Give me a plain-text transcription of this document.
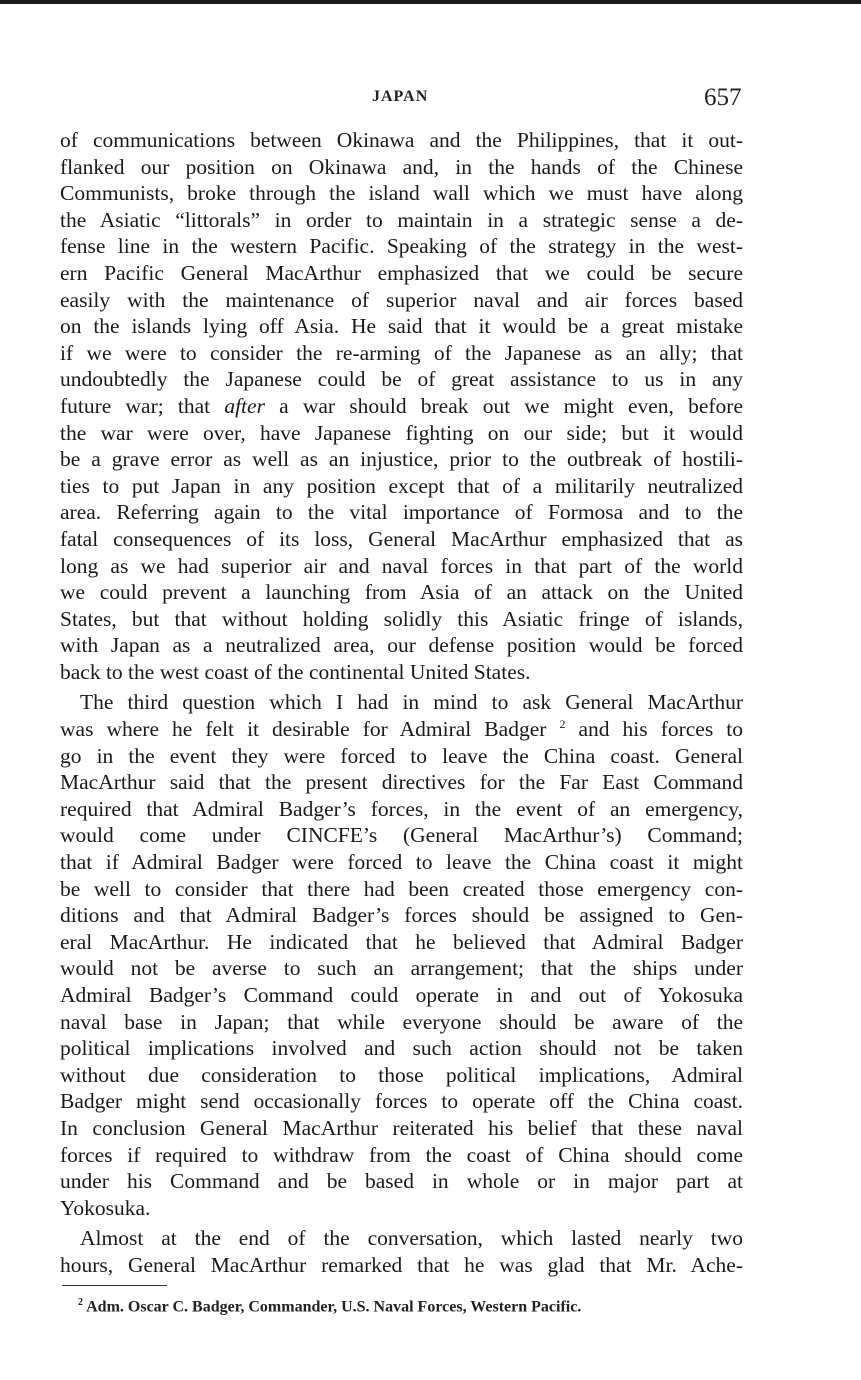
JAPAN	657
of communications between Okinawa and the Philippines, that it out-
flanked our position on Okinawa and, in the hands of the Chinese
Communists, broke through the island wall which we must have along
the Asiatic “littorals” in order to maintain in a strategic sense a de-
fense line in the western Pacific. Speaking of the strategy in the west-
ern Pacific General MacArthur emphasized that we could be secure
easily with the maintenance of superior naval and air forces based
on the islands lying off Asia. He said that it would be a great mistake
if we were to consider the re-arming of the Japanese as an ally; that
undoubtedly the Japanese could be of great assistance to us in any
future war; that after a war should break out we might even, before
the war were over, have Japanese fighting on our side; but it would
be a grave error as well as an injustice, prior to the outbreak of hostili-
ties to put Japan in any position except that of a militarily neutralized
area. Referring again to the vital importance of Formosa and to the
fatal consequences of its loss, General MacArthur emphasized that as
long as we had superior air and naval forces in that part of the world
we could prevent a launching from Asia of an attack on the United
States, but that without holding solidly this Asiatic fringe of islands,
with Japan as a neutralized area, our defense position would be forced
back to the west coast of the continental United States.
The third question which I had in mind to ask General MacArthur
was where he felt it desirable for Admiral Badger $^2$ and his forces to
go in the event they were forced to leave the China coast. General
MacArthur said that the present directives for the Far East Command
required that Admiral Badger’s forces, in the event of an emergency,
would come under CINCFE’s (General MacArthur’s) Command;
that if Admiral Badger were forced to leave the China coast it might
be well to consider that there had been created those emergency con-
ditions and that Admiral Badger’s forces should be assigned to Gen-
eral MacArthur. He indicated that he believed that Admiral Badger
would not be averse to such an arrangement; that the ships under
Admiral Badger’s Command could operate in and out of Yokosuka
naval base in Japan; that while everyone should be aware of the
political implications involved and such action should not be taken
without due consideration to those political implications, Admiral
Badger might send occasionally forces to operate off the China coast.
In conclusion General MacArthur reiterated his belief that these naval
forces if required to withdraw from the coast of China should come
under his Command and be based in whole or in major part at
Yokosuka.
Almost at the end of the conversation, which lasted nearly two
hours, General MacArthur remarked that he was glad that Mr. Ache-
$^2$ Adm. Oscar C. Badger, Commander, U.S. Naval Forces, Western Pacific.
